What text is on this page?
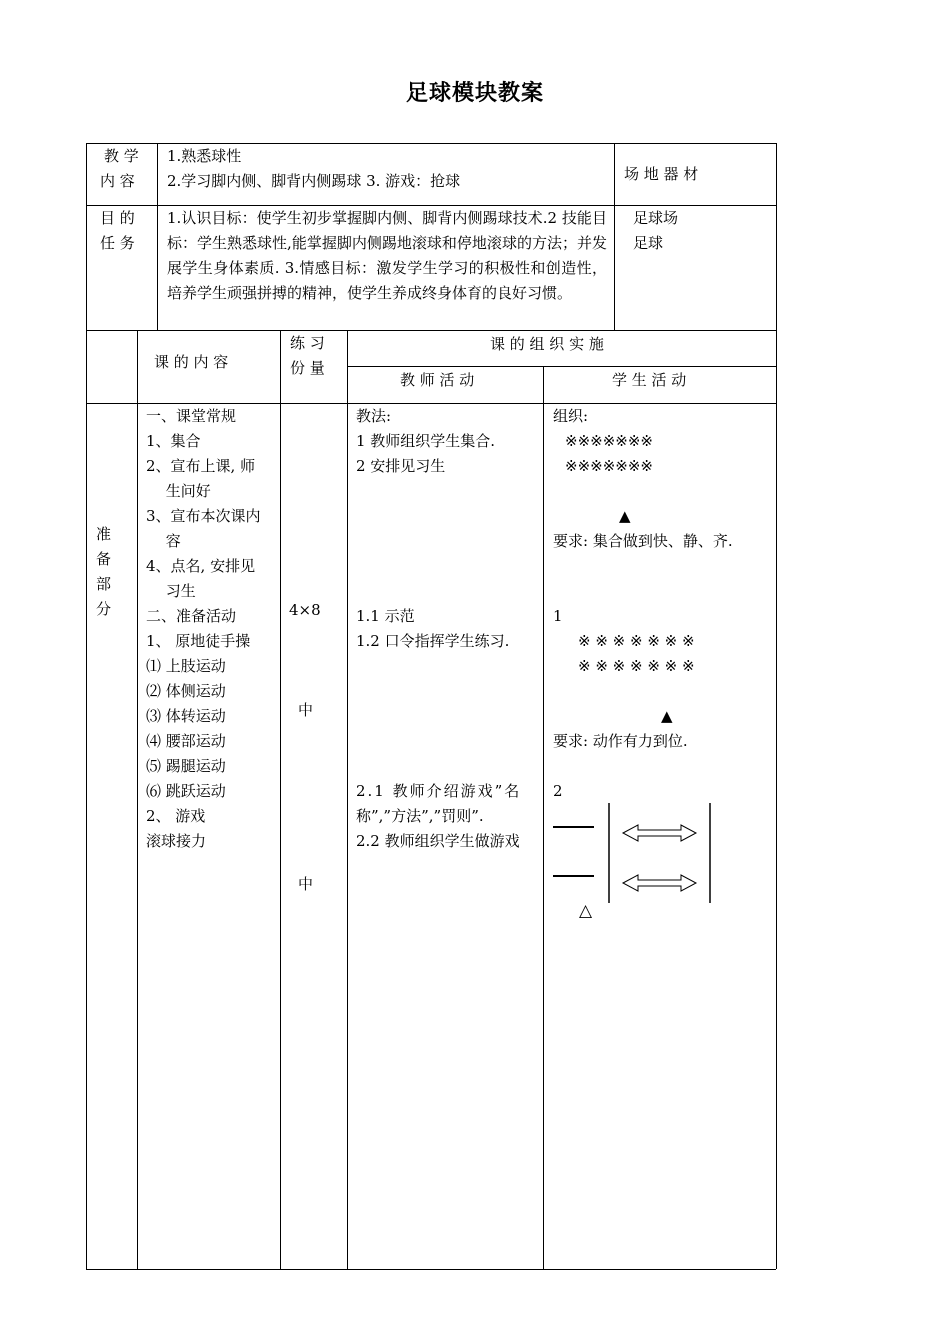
足球模块教案
教 学
内 容
1.熟悉球性
2.学习脚内侧、脚背内侧踢球 3. 游戏：抢球	场 地 器 材
目 的
任 务
1.认识目标：使学生初步掌握脚内侧、脚背内侧踢球技术.2 技能目标：学生熟悉球性,能掌握脚内侧踢地滚球和停地滚球的方法；并发展学生身体素质. 3.情感目标：激发学生学习的积极性和创造性，培养学生顽强拼搏的精神，使学生养成终身体育的良好习惯。
足球场
足球
课 的 内 容
练 习
份 量
课 的 组 织 实 施
教 师 活 动	学 生 活 动
准
备
部
分
一、课堂常规
1、集合
2、宣布上课, 师
　 生问好
3、宣布本次课内
　 容
4、点名, 安排见
　 习生
二、准备活动
1、 原地徒手操
⑴ 上肢运动
⑵ 体侧运动
⑶ 体转运动
⑷ 腰部运动
⑸ 踢腿运动
⑹ 跳跃运动
2、 游戏
滚球接力
4×8
中
中
教法:
1 教师组织学生集合.
2 安排见习生
1.1 示范
1.2 口令指挥学生练习.
2.1 教师介绍游戏”名
称”,”方法”,”罚则”.
2.2 教师组织学生做游戏
组织:
※※※※※※※
※※※※※※※
▲
要求: 集合做到快、静、齐.
1
※ ※ ※ ※ ※ ※ ※
※ ※ ※ ※ ※ ※ ※
▲
要求: 动作有力到位.
2
△
